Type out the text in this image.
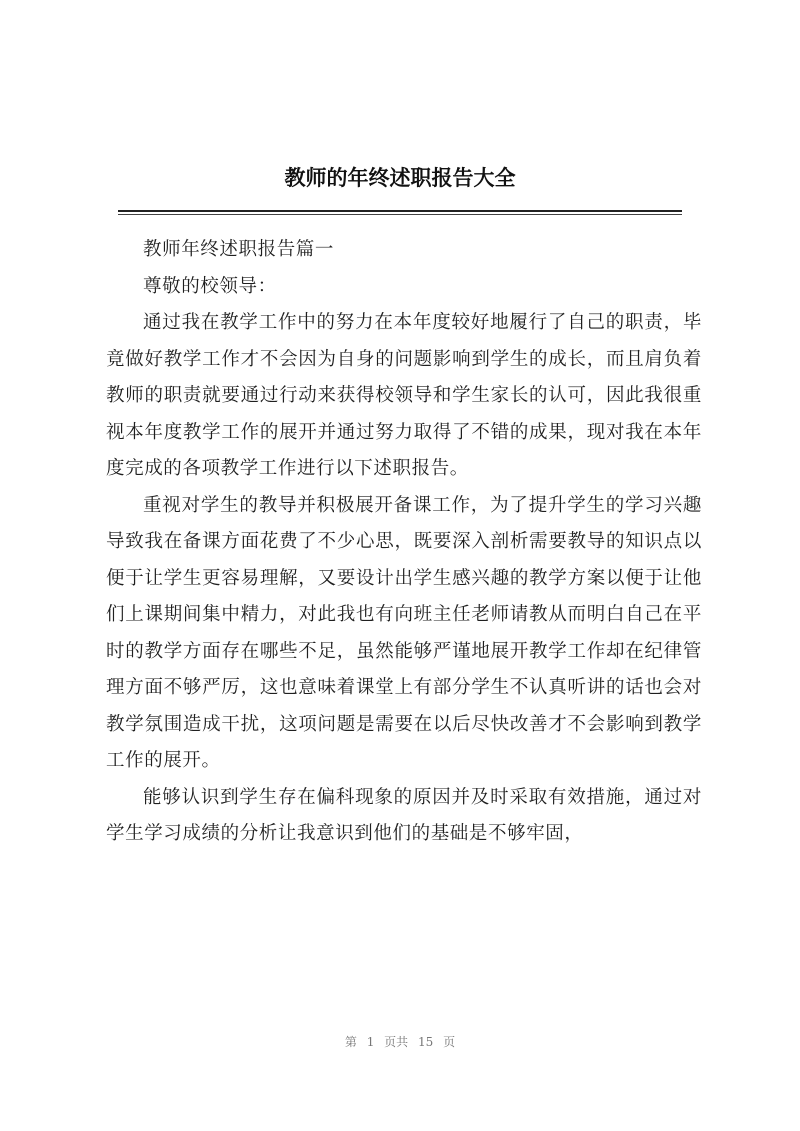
教师的年终述职报告大全

教师年终述职报告篇一

尊敬的校领导：

通过我在教学工作中的努力在本年度较好地履行了自己的职责，毕竟做好教学工作才不会因为自身的问题影响到学生的成长，而且肩负着教师的职责就要通过行动来获得校领导和学生家长的认可，因此我很重视本年度教学工作的展开并通过努力取得了不错的成果，现对我在本年度完成的各项教学工作进行以下述职报告。

重视对学生的教导并积极展开备课工作，为了提升学生的学习兴趣导致我在备课方面花费了不少心思，既要深入剖析需要教导的知识点以便于让学生更容易理解，又要设计出学生感兴趣的教学方案以便于让他们上课期间集中精力，对此我也有向班主任老师请教从而明白自己在平时的教学方面存在哪些不足，虽然能够严谨地展开教学工作却在纪律管理方面不够严厉，这也意味着课堂上有部分学生不认真听讲的话也会对教学氛围造成干扰，这项问题是需要在以后尽快改善才不会影响到教学工作的展开。

能够认识到学生存在偏科现象的原因并及时采取有效措施，通过对学生学习成绩的分析让我意识到他们的基础是不够牢固，

第 1 页共 15 页
